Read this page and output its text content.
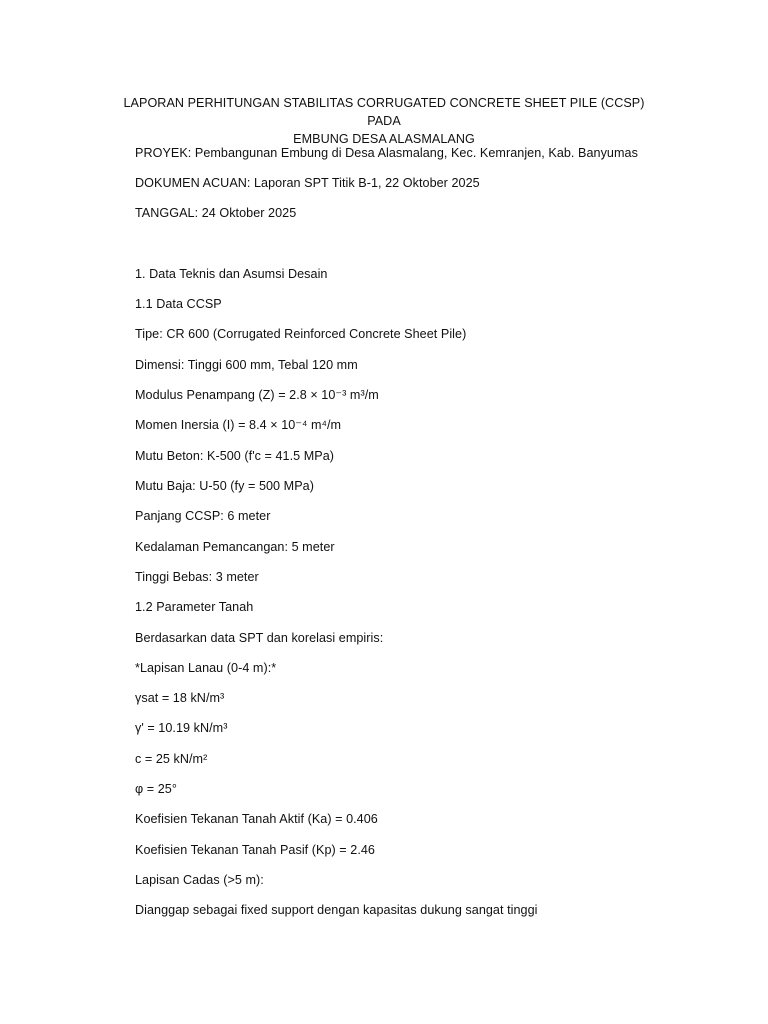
LAPORAN PERHITUNGAN STABILITAS CORRUGATED CONCRETE SHEET PILE (CCSP) PADA
EMBUNG DESA ALASMALANG
PROYEK: Pembangunan Embung di Desa Alasmalang, Kec. Kemranjen, Kab. Banyumas
DOKUMEN ACUAN: Laporan SPT Titik B-1, 22 Oktober 2025
TANGGAL: 24 Oktober 2025
1. Data Teknis dan Asumsi Desain
1.1 Data CCSP
Tipe: CR 600 (Corrugated Reinforced Concrete Sheet Pile)
Dimensi: Tinggi 600 mm, Tebal 120 mm
Modulus Penampang (Z) = 2.8 × 10⁻³ m³/m
Momen Inersia (I) = 8.4 × 10⁻⁴ m⁴/m
Mutu Beton: K-500 (f'c = 41.5 MPa)
Mutu Baja: U-50 (fy = 500 MPa)
Panjang CCSP: 6 meter
Kedalaman Pemancangan: 5 meter
Tinggi Bebas: 3 meter
1.2 Parameter Tanah
Berdasarkan data SPT dan korelasi empiris:
*Lapisan Lanau (0-4 m):*
γsat = 18 kN/m³
γ' = 10.19 kN/m³
c = 25 kN/m²
φ = 25°
Koefisien Tekanan Tanah Aktif (Ka) = 0.406
Koefisien Tekanan Tanah Pasif (Kp) = 2.46
Lapisan Cadas (>5 m):
Dianggap sebagai fixed support dengan kapasitas dukung sangat tinggi
